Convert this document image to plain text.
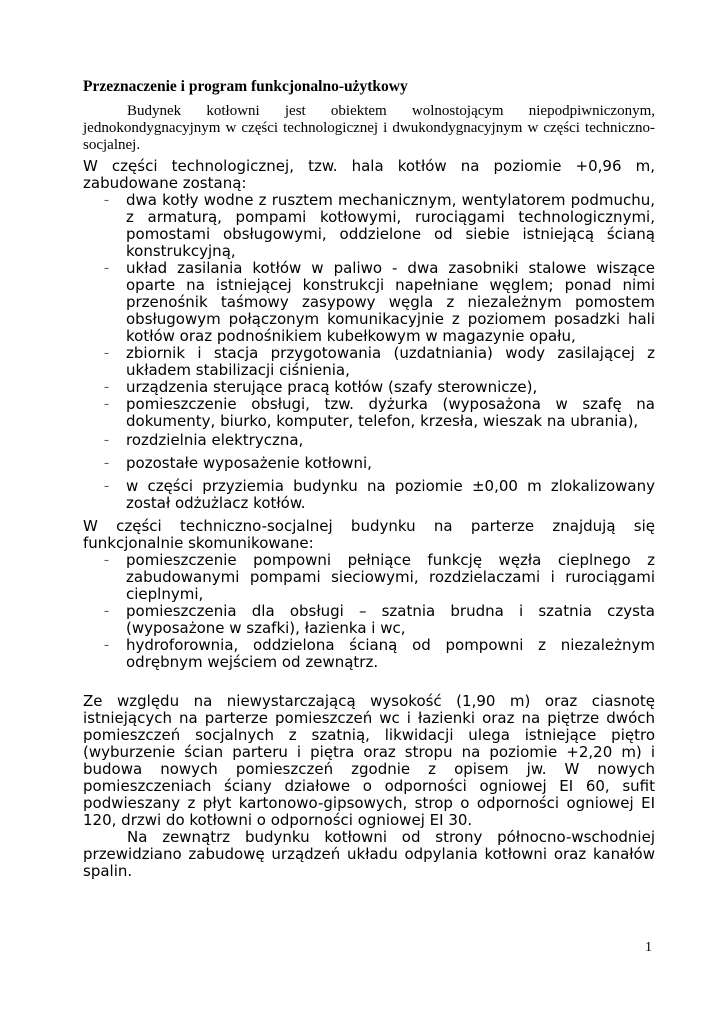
Przeznaczenie i program funkcjonalno-użytkowy

Budynek kotłowni jest obiektem wolnostojącym niepodpiwniczonym, jednokondygnacyjnym w części technologicznej i dwukondygnacyjnym w części techniczno-socjalnej.

W części technologicznej, tzw. hala kotłów na poziomie +0,96 m, zabudowane zostaną:

– dwa kotły wodne z rusztem mechanicznym, wentylatorem podmuchu, z armaturą, pompami kotłowymi, rurociągami technologicznymi, pomostami obsługowymi, oddzielone od siebie istniejącą ścianą konstrukcyjną,
– układ zasilania kotłów w paliwo - dwa zasobniki stalowe wiszące oparte na istniejącej konstrukcji napełniane węglem; ponad nimi przenośnik taśmowy zasypowy węgla z niezależnym pomostem obsługowym połączonym komunikacyjnie z poziomem posadzki hali kotłów oraz podnośnikiem kubełkowym w magazynie opału,
– zbiornik i stacja przygotowania (uzdatniania) wody zasilającej z układem stabilizacji ciśnienia,
– urządzenia sterujące pracą kotłów (szafy sterownicze),
– pomieszczenie obsługi, tzw. dyżurka (wyposażona w szafę na dokumenty, biurko, komputer, telefon, krzesła, wieszak na ubrania),
– rozdzielnia elektryczna,
– pozostałe wyposażenie kotłowni,
– w części przyziemia budynku na poziomie ±0,00 m zlokalizowany został odżużlacz kotłów.

W części techniczno-socjalnej budynku na parterze znajdują się funkcjonalnie skomunikowane:

– pomieszczenie pompowni pełniące funkcję węzła cieplnego z zabudowanymi pompami sieciowymi, rozdzielaczami i rurociągami cieplnymi,
– pomieszczenia dla obsługi – szatnia brudna i szatnia czysta (wyposażone w szafki), łazienka i wc,
– hydroforownia, oddzielona ścianą od pompowni z niezależnym odrębnym wejściem od zewnątrz.

Ze względu na niewystarczającą wysokość (1,90 m) oraz ciasnotę istniejących na parterze pomieszczeń wc i łazienki oraz na piętrze dwóch pomieszczeń socjalnych z szatnią, likwidacji ulega istniejące piętro (wyburzenie ścian parteru i piętra oraz stropu na poziomie +2,20 m) i budowa nowych pomieszczeń zgodnie z opisem jw. W nowych pomieszczeniach ściany działowe o odporności ogniowej EI 60, sufit podwieszany z płyt kartonowo-gipsowych, strop o odporności ogniowej EI 120, drzwi do kotłowni o odporności ogniowej EI 30.

Na zewnątrz budynku kotłowni od strony północno-wschodniej przewidziano zabudowę urządzeń układu odpylania kotłowni oraz kanałów spalin.

1
